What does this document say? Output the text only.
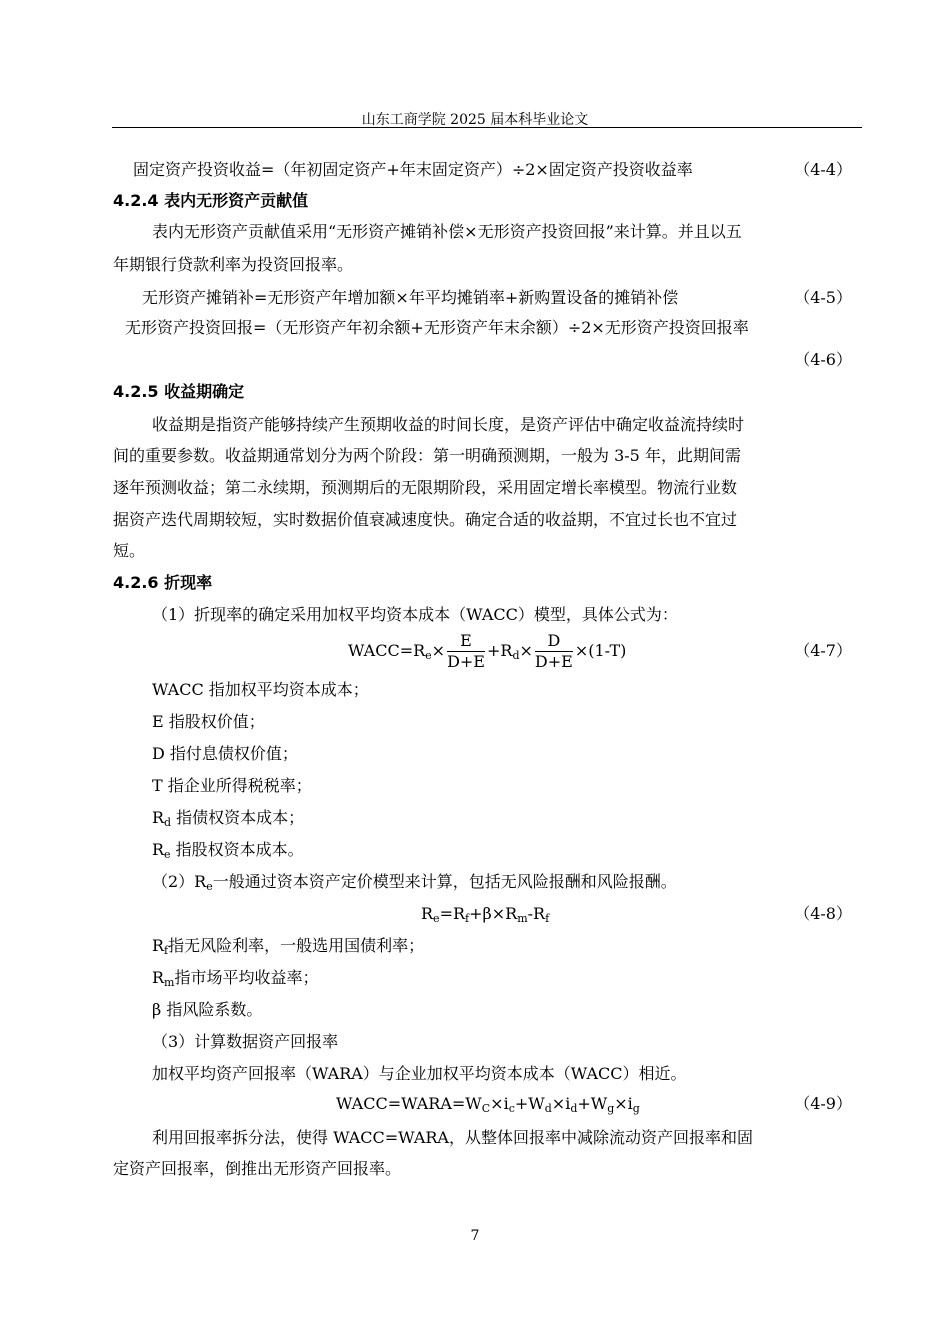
山东工商学院 2025 届本科毕业论文
固定资产投资收益=（年初固定资产+年末固定资产）÷2×固定资产投资收益率	（4-4）
4.2.4 表内无形资产贡献值
表内无形资产贡献值采用“无形资产摊销补偿×无形资产投资回报”来计算。并且以五
年期银行贷款利率为投资回报率。
无形资产摊销补=无形资产年增加额×年平均摊销率+新购置设备的摊销补偿	（4-5）
无形资产投资回报=（无形资产年初余额+无形资产年末余额）÷2×无形资产投资回报率
（4-6）
4.2.5 收益期确定
收益期是指资产能够持续产生预期收益的时间长度，是资产评估中确定收益流持续时
间的重要参数。收益期通常划分为两个阶段：第一明确预测期，一般为 3-5 年，此期间需
逐年预测收益；第二永续期，预测期后的无限期阶段，采用固定增长率模型。物流行业数
据资产迭代周期较短，实时数据价值衰减速度快。确定合适的收益期，不宜过长也不宜过
短。
4.2.6 折现率
（1）折现率的确定采用加权平均资本成本（WACC）模型，具体公式为：
$WACC=R_e\times \frac{E}{D+E} +R_d\times \frac{D}{D+E} \times(1-T)$	（4-7）
WACC 指加权平均资本成本；
E 指股权价值；
D 指付息债权价值；
T 指企业所得税税率；
$R_d$ 指债权资本成本；
$R_e$ 指股权资本成本。
$(2)R_e$一般通过资本资产定价模型来计算，包括无风险报酬和风险报酬。
$R_e=R_f+\beta\times R_m-R_f$	（4-8）
$R_f$指无风险利率，一般选用国债利率；
$R_m$指市场平均收益率；
β 指风险系数。
（3）计算数据资产回报率
加权平均资产回报率（WARA）与企业加权平均资本成本（WACC）相近。
$WACC=WARA=W_C\times i_c+W_d\times i_d+W_g\times i_g$	（4-9）
利用回报率拆分法，使得 WACC=WARA，从整体回报率中减除流动资产回报率和固
定资产回报率，倒推出无形资产回报率。
7
